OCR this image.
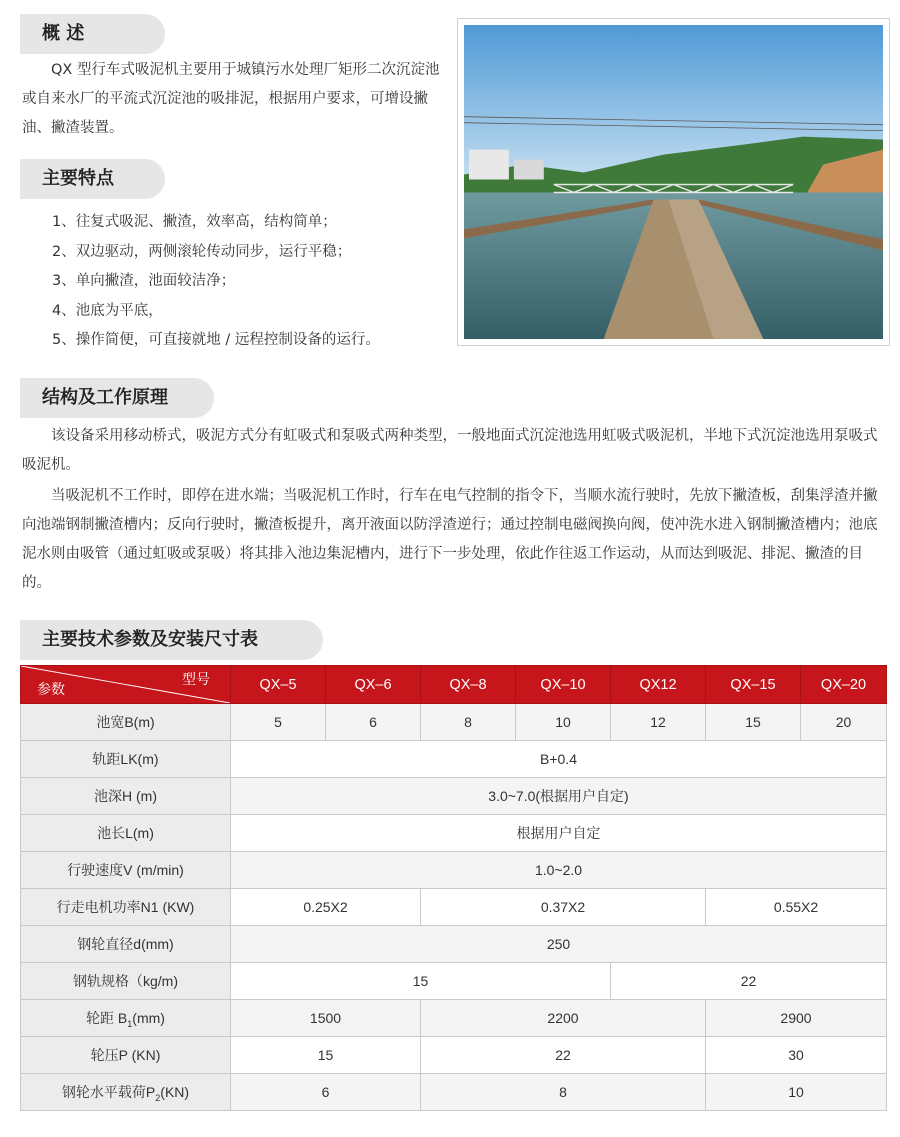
概 述

QX 型行车式吸泥机主要用于城镇污水处理厂矩形二次沉淀池或自来水厂的平流式沉淀池的吸排泥，根据用户要求，可增设撇油、撇渣装置。

主要特点
1、往复式吸泥、撇渣，效率高，结构简单；
2、双边驱动，两侧滚轮传动同步，运行平稳；
3、单向撇渣，池面较洁净；
4、池底为平底，
5、操作简便，可直接就地 / 远程控制设备的运行。
结构及工作原理

该设备采用移动桥式，吸泥方式分有虹吸式和泵吸式两种类型，一般地面式沉淀池选用虹吸式吸泥机，半地下式沉淀池选用泵吸式吸泥机。

当吸泥机不工作时，即停在进水端；当吸泥机工作时，行车在电气控制的指令下，当顺水流行驶时，先放下撇渣板，刮集浮渣并撇向池端钢制撇渣槽内；反向行驶时，撇渣板提升，离开液面以防浮渣逆行；通过控制电磁阀换向阀，使冲洗水进入钢制撇渣槽内；池底泥水则由吸管（通过虹吸或泵吸）将其排入池边集泥槽内，进行下一步处理，依此作往返工作运动，从而达到吸泥、排泥、撇渣的目的。

主要技术参数及安装尺寸表
型号
参数	QX–5	QX–6	QX–8	QX–10	QX12	QX–15	QX–20
池宽B(m)	5	6	8	10	12	15	20
轨距LK(m)	B+0.4						
池深H (m)	3.0~7.0(根据用户自定)						
池长L(m)	根据用户自定						
行驶速度V (m/min)	1.0~2.0						
行走电机功率N1 (KW)	0.25X2		0.37X2			0.55X2	
钢轮直径d(mm)	250						
钢轨规格（kg/m)	15				22		
轮距 $B_1(mm)$	1500		2200			2900	
轮压P (KN)	15		22			30	
钢轮水平载荷$P_2(KN)$	6		8			10	
